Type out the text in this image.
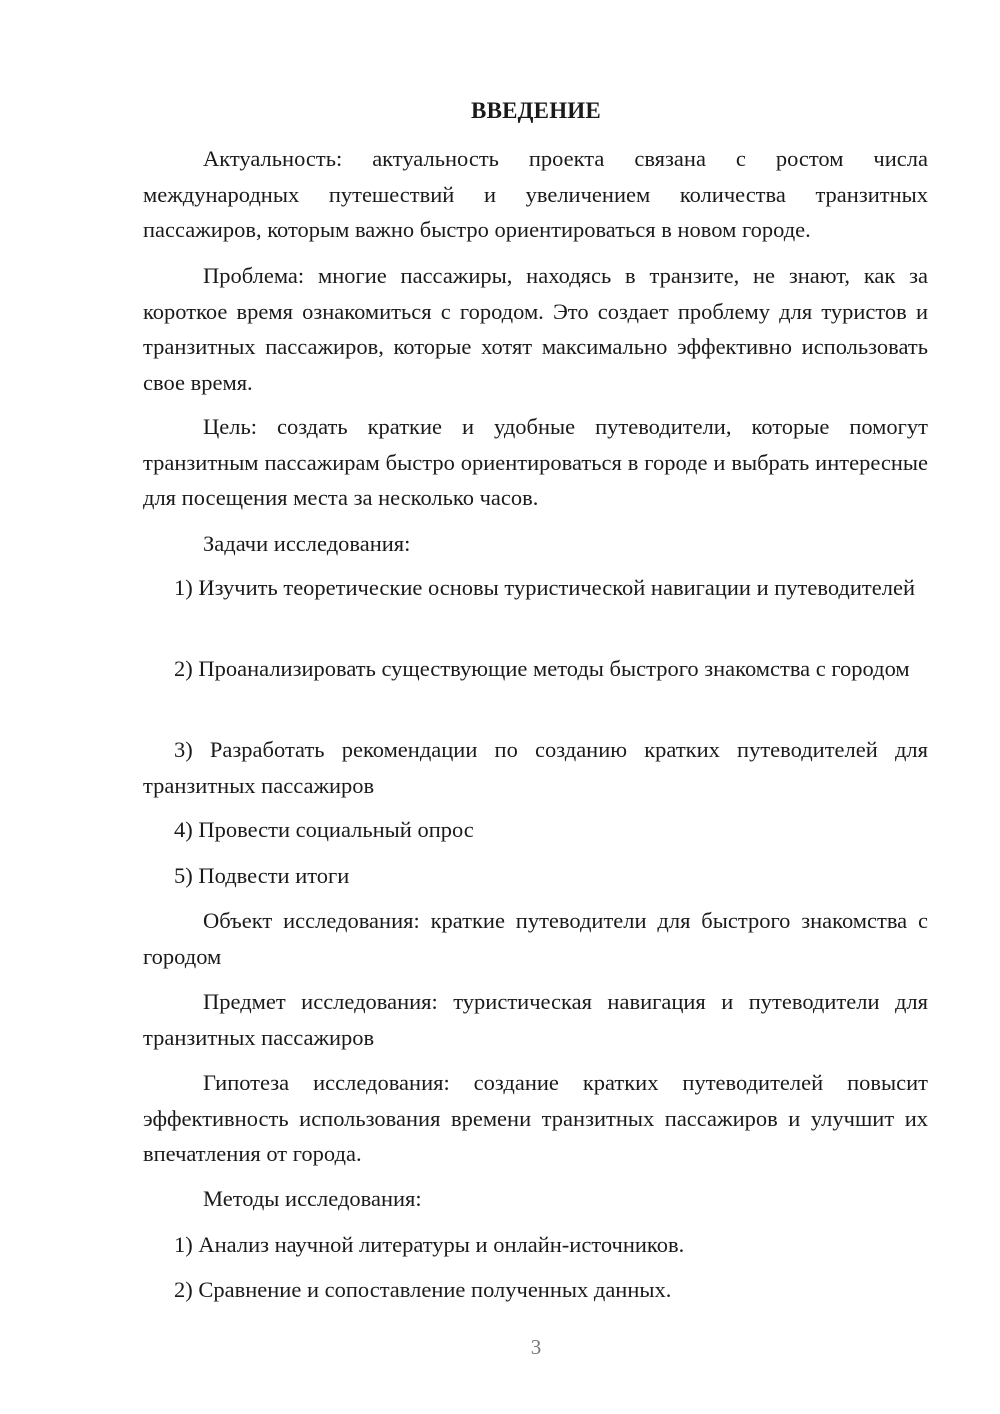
ВВЕДЕНИЕ

Актуальность: актуальность проекта связана с ростом числа международных путешествий и увеличением количества транзитных пассажиров, которым важно быстро ориентироваться в новом городе.

Проблема: многие пассажиры, находясь в транзите, не знают, как за короткое время ознакомиться с городом. Это создает проблему для туристов и транзитных пассажиров, которые хотят максимально эффективно использовать свое время.

Цель: создать краткие и удобные путеводители, которые помогут транзитным пассажирам быстро ориентироваться в городе и выбрать интересные для посещения места за несколько часов.

Задачи исследования:

1) Изучить теоретические основы туристической навигации и путеводителей

2) Проанализировать существующие методы быстрого знакомства с городом

3) Разработать рекомендации по созданию кратких путеводителей для транзитных пассажиров

4) Провести социальный опрос

5) Подвести итоги

Объект исследования: краткие путеводители для быстрого знакомства с городом

Предмет исследования: туристическая навигация и путеводители для транзитных пассажиров

Гипотеза исследования: создание кратких путеводителей повысит эффективность использования времени транзитных пассажиров и улучшит их впечатления от города.

Методы исследования:

1) Анализ научной литературы и онлайн-источников.

2) Сравнение и сопоставление полученных данных.

3
